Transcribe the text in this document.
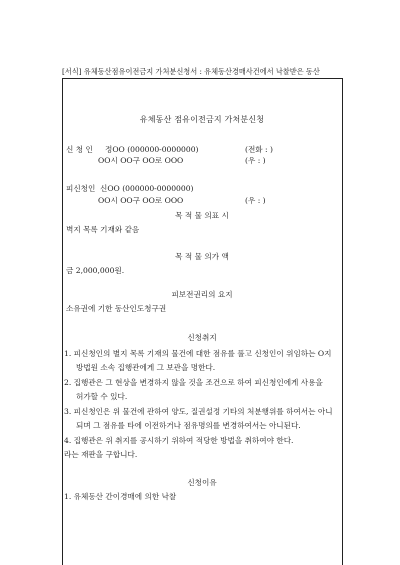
[서식] 유체동산점유이전금지 가처분신청서 : 유체동산경매사건에서 낙찰받은 동산
유체동산 점유이전금지 가처분신청
신 청 인 정OO (000000-0000000)	(전화 : )
OO시 OO구 OO로 OOO	(우 : )
피신청인 신OO (000000-0000000)
OO시 OO구 OO로 OOO	(우 : )
목 적 물 의표 시
벽지 목록 기재와 같음
목 적 물 의가 액
금 2,000,000원.
피보전권리의 요지
소유권에 기한 동산인도청구권
신청취지
1. 피신청인의 별지 목록 기재의 물건에 대한 점유를 풀고 신청인이 위임하는 O지
방법원 소속 집행관에게 그 보관을 명한다.
2. 집행관은 그 현상을 변경하지 않을 것을 조건으로 하여 피신청인에게 사용을
허가할 수 있다.
3. 피신청인은 위 물건에 관하여 양도, 질권설정 기타의 처분행위를 하여서는 아니
되며 그 점유를 타에 이전하거나 점유명의를 변경하여서는 아니된다.
4. 집행관은 위 취지를 공시하기 위하여 적당한 방법을 취하여야 한다.
라는 재판을 구합니다.
신청이유
1. 유체동산 간이경매에 의한 낙찰
